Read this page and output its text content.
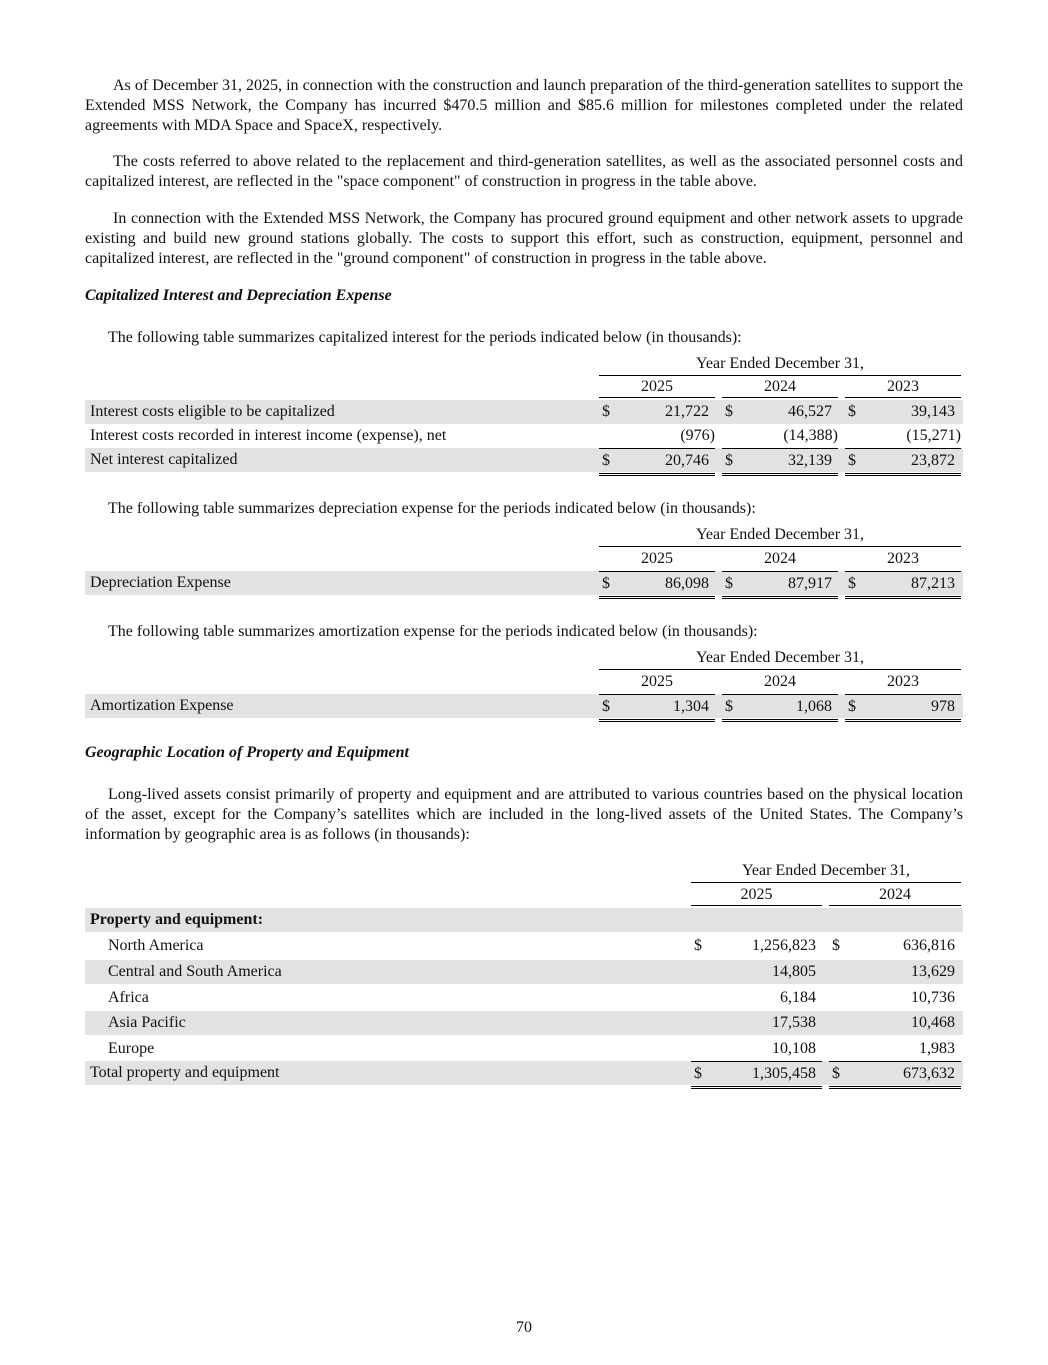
As of December 31, 2025, in connection with the construction and launch preparation of the third-generation satellites to support the Extended MSS Network, the Company has incurred $470.5 million and $85.6 million for milestones completed under the related agreements with MDA Space and SpaceX, respectively.

The costs referred to above related to the replacement and third-generation satellites, as well as the associated personnel costs and capitalized interest, are reflected in the "space component" of construction in progress in the table above.

In connection with the Extended MSS Network, the Company has procured ground equipment and other network assets to upgrade existing and build new ground stations globally. The costs to support this effort, such as construction, equipment, personnel and capitalized interest, are reflected in the "ground component" of construction in progress in the table above.

Capitalized Interest and Depreciation Expense
The following table summarizes capitalized interest for the periods indicated below (in thousands):
Year Ended December 31,
2025	2024	2023
Interest costs eligible to be capitalized	$	21,722 $	46,527 $	39,143
Interest costs recorded in interest income (expense), net	(976)	(14,388)	(15,271)
Net interest capitalized	$	20,746 $	32,139 $	23,872
The following table summarizes depreciation expense for the periods indicated below (in thousands):
Year Ended December 31,
2025	2024	2023
Depreciation Expense	$	86,098 $	87,917 $	87,213
The following table summarizes amortization expense for the periods indicated below (in thousands):
Year Ended December 31,
2025	2024	2023
Amortization Expense	$	1,304 $	1,068 $	978
Geographic Location of Property and Equipment

Long-lived assets consist primarily of property and equipment and are attributed to various countries based on the physical location of the asset, except for the Company’s satellites which are included in the long-lived assets of the United States. The Company’s information by geographic area is as follows (in thousands):

Year Ended December 31,
2025	2024
Property and equipment:
North America	$	1,256,823 $	636,816
Central and South America	14,805	13,629
Africa	6,184	10,736
Asia Pacific	17,538	10,468
Europe	10,108	1,983
Total property and equipment	$	1,305,458 $	673,632
70
